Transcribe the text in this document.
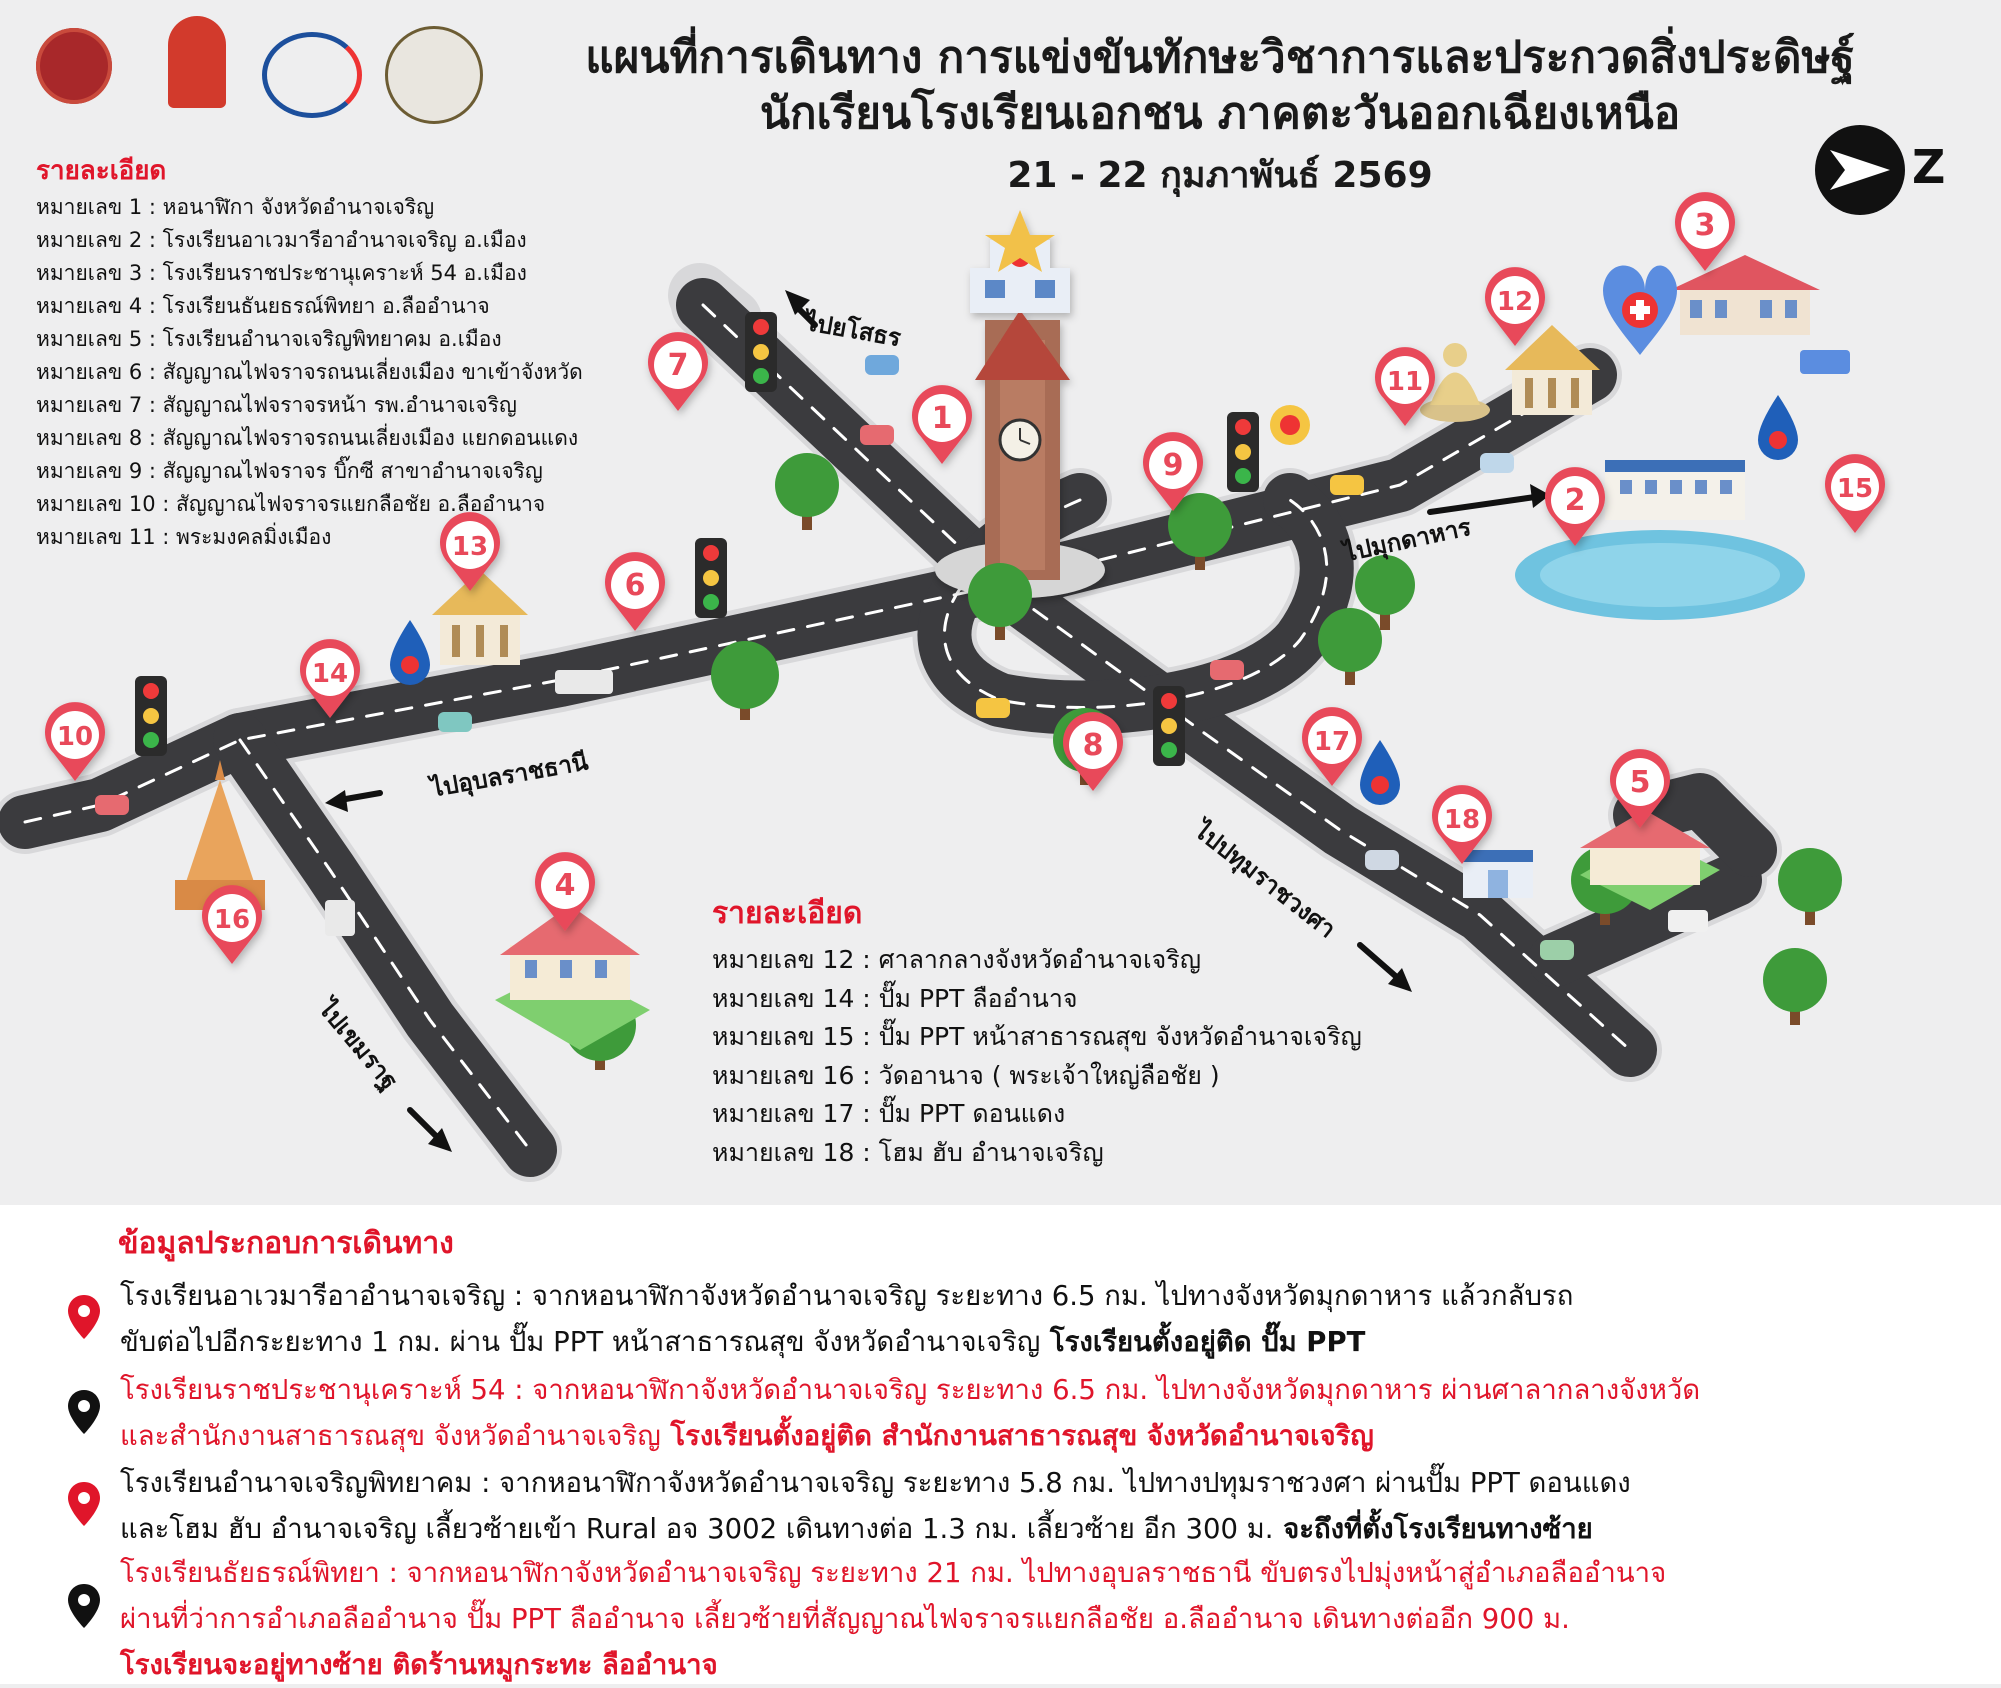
1
2
3
4
5
6
7
8
9
10
11
12
13
14
15
16
17
18
แผนที่การเดินทาง การแข่งขันทักษะวิชาการและประกวดสิ่งประดิษฐ์
นักเรียนโรงเรียนเอกชน ภาคตะวันออกเฉียงเหนือ
21 - 22 กุมภาพันธ์ 2569	Z
รายละเอียด
หมายเลข 1 : หอนาฬิกา จังหวัดอำนาจเจริญ
หมายเลข 2 : โรงเรียนอาเวมารีอาอำนาจเจริญ อ.เมือง
หมายเลข 3 : โรงเรียนราชประชานุเคราะห์ 54 อ.เมือง
หมายเลข 4 : โรงเรียนธันยธรณ์พิทยา อ.ลืออำนาจ
หมายเลข 5 : โรงเรียนอำนาจเจริญพิทยาคม อ.เมือง
หมายเลข 6 : สัญญาณไฟจราจรถนนเลี่ยงเมือง ขาเข้าจังหวัด
หมายเลข 7 : สัญญาณไฟจราจรหน้า รพ.อำนาจเจริญ
หมายเลข 8 : สัญญาณไฟจราจรถนนเลี่ยงเมือง แยกดอนแดง
หมายเลข 9 : สัญญาณไฟจราจร บิ๊กซี สาขาอำนาจเจริญ
หมายเลข 10 : สัญญาณไฟจราจรแยกลือชัย อ.ลืออำนาจ
หมายเลข 11 : พระมงคลมิ่งเมือง
รายละเอียด
หมายเลข 12 : ศาลากลางจังหวัดอำนาจเจริญ
หมายเลข 14 : ปั๊ม PPT ลืออำนาจ
หมายเลข 15 : ปั๊ม PPT หน้าสาธารณสุข จังหวัดอำนาจเจริญ
หมายเลข 16 : วัดอานาจ ( พระเจ้าใหญ่ลือชัย )
หมายเลข 17 : ปั๊ม PPT ดอนแดง
หมายเลข 18 : โฮม ฮับ อำนาจเจริญ
ไปยโสธร
ไปมุกดาหาร
ไปอุบลราชธานี
ไปปทุมราชวงศา
ไปเขมราฐ
ข้อมูลประกอบการเดินทาง
โรงเรียนอาเวมารีอาอำนาจเจริญ : จากหอนาฬิกาจังหวัดอำนาจเจริญ ระยะทาง 6.5 กม. ไปทางจังหวัดมุกดาหาร แล้วกลับรถ
ขับต่อไปอีกระยะทาง 1 กม. ผ่าน ปั๊ม PPT หน้าสาธารณสุข จังหวัดอำนาจเจริญ โรงเรียนตั้งอยู่ติด ปั๊ม PPT
โรงเรียนราชประชานุเคราะห์ 54 : จากหอนาฬิกาจังหวัดอำนาจเจริญ ระยะทาง 6.5 กม. ไปทางจังหวัดมุกดาหาร ผ่านศาลากลางจังหวัด
และสำนักงานสาธารณสุข จังหวัดอำนาจเจริญ โรงเรียนตั้งอยู่ติด สำนักงานสาธารณสุข จังหวัดอำนาจเจริญ
โรงเรียนอำนาจเจริญพิทยาคม : จากหอนาฬิกาจังหวัดอำนาจเจริญ ระยะทาง 5.8 กม. ไปทางปทุมราชวงศา ผ่านปั๊ม PPT ดอนแดง
และโฮม ฮับ อำนาจเจริญ เลี้ยวซ้ายเข้า Rural อจ 3002 เดินทางต่อ 1.3 กม. เลี้ยวซ้าย อีก 300 ม. จะถึงที่ตั้งโรงเรียนทางซ้าย
โรงเรียนธัยธรณ์พิทยา : จากหอนาฬิกาจังหวัดอำนาจเจริญ ระยะทาง 21 กม. ไปทางอุบลราชธานี ขับตรงไปมุ่งหน้าสู่อำเภอลืออำนาจ
ผ่านที่ว่าการอำเภอลืออำนาจ ปั๊ม PPT ลืออำนาจ เลี้ยวซ้ายที่สัญญาณไฟจราจรแยกลือชัย อ.ลืออำนาจ เดินทางต่ออีก 900 ม.
โรงเรียนจะอยู่ทางซ้าย ติดร้านหมูกระทะ ลืออำนาจ
